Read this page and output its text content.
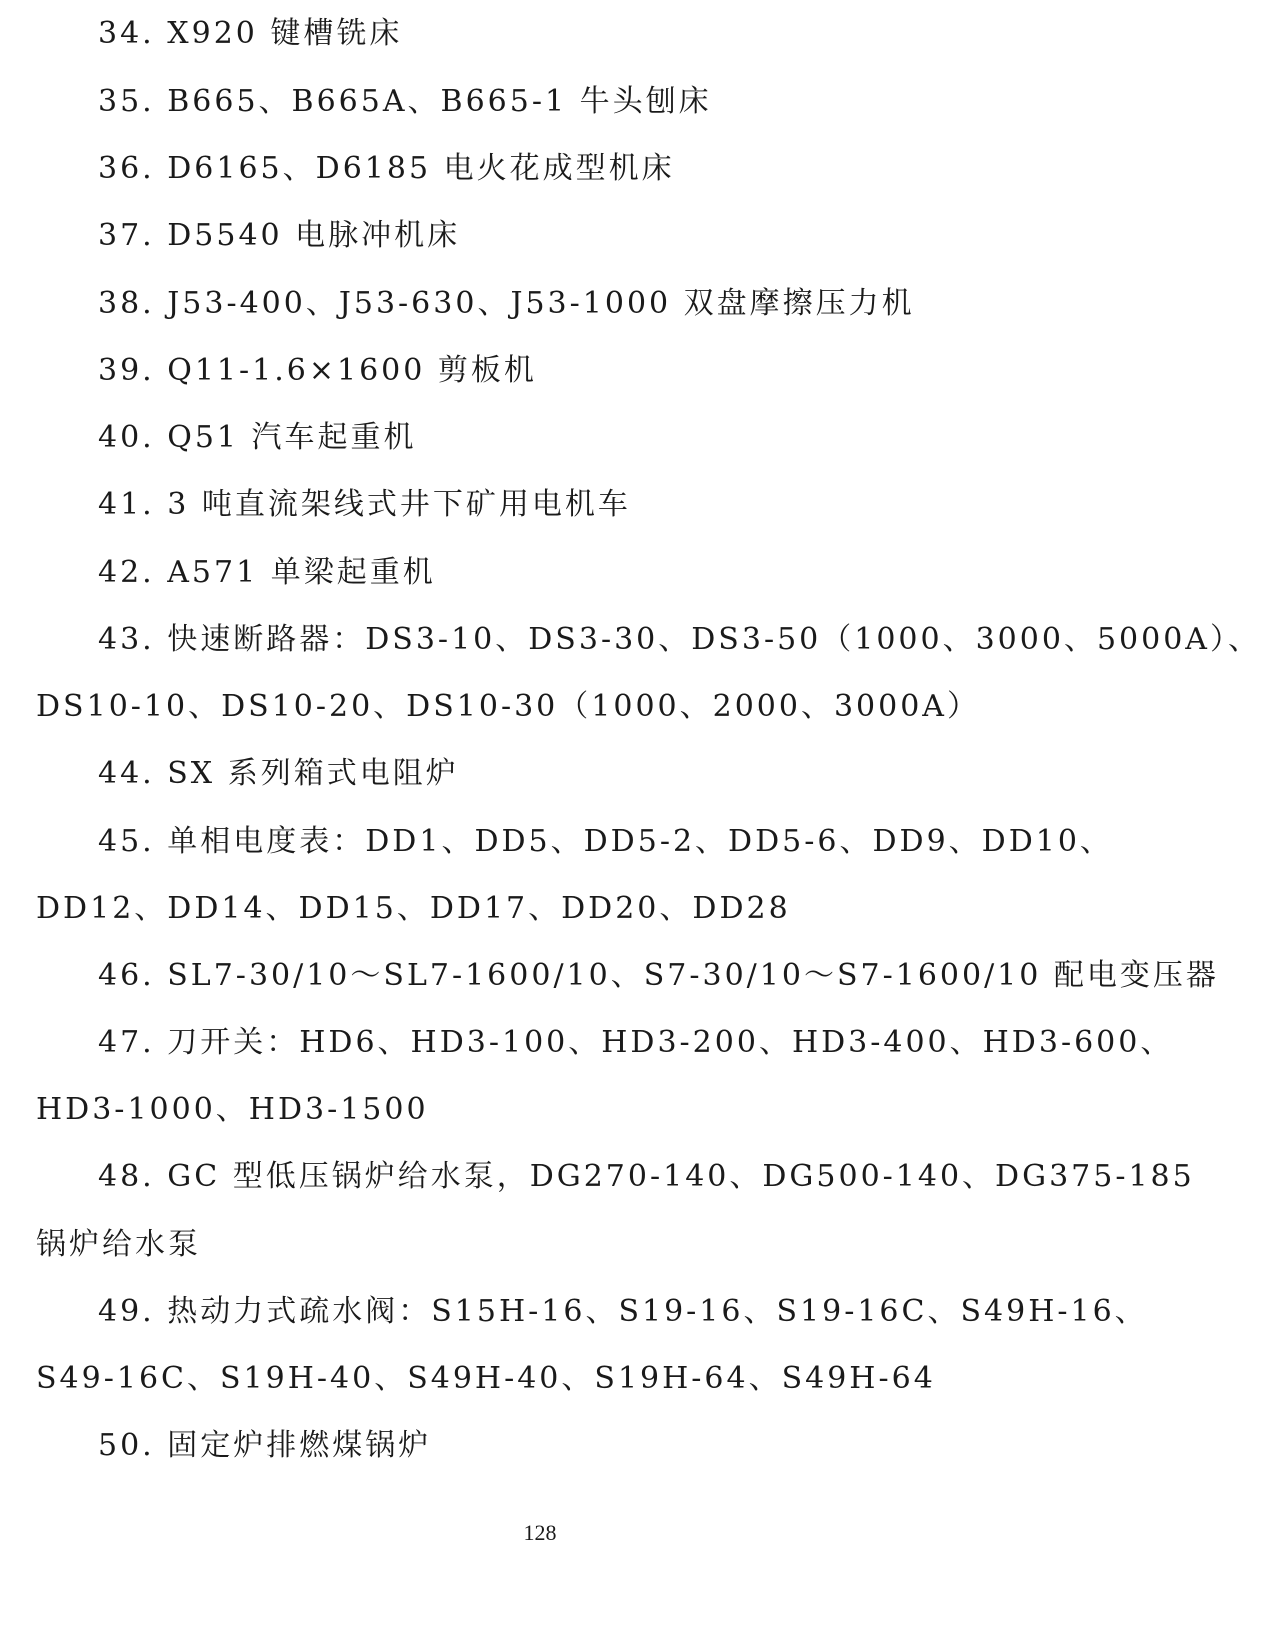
34. X920 键槽铣床
35. B665、B665A、B665-1 牛头刨床
36. D6165、D6185 电火花成型机床
37. D5540 电脉冲机床
38. J53-400、J53-630、J53-1000 双盘摩擦压力机
39. Q11-1.6×1600 剪板机
40. Q51 汽车起重机
41. 3 吨直流架线式井下矿用电机车
42. A571 单梁起重机
43. 快速断路器：DS3-10、DS3-30、DS3-50（1000、3000、5000A）、
DS10-10、DS10-20、DS10-30（1000、2000、3000A）
44. SX 系列箱式电阻炉
45. 单相电度表：DD1、DD5、DD5-2、DD5-6、DD9、DD10、
DD12、DD14、DD15、DD17、DD20、DD28
46. SL7-30/10～SL7-1600/10、S7-30/10～S7-1600/10 配电变压器
47. 刀开关：HD6、HD3-100、HD3-200、HD3-400、HD3-600、
HD3-1000、HD3-1500
48. GC 型低压锅炉给水泵，DG270-140、DG500-140、DG375-185
锅炉给水泵
49. 热动力式疏水阀：S15H-16、S19-16、S19-16C、S49H-16、
S49-16C、S19H-40、S49H-40、S19H-64、S49H-64
50. 固定炉排燃煤锅炉
128
